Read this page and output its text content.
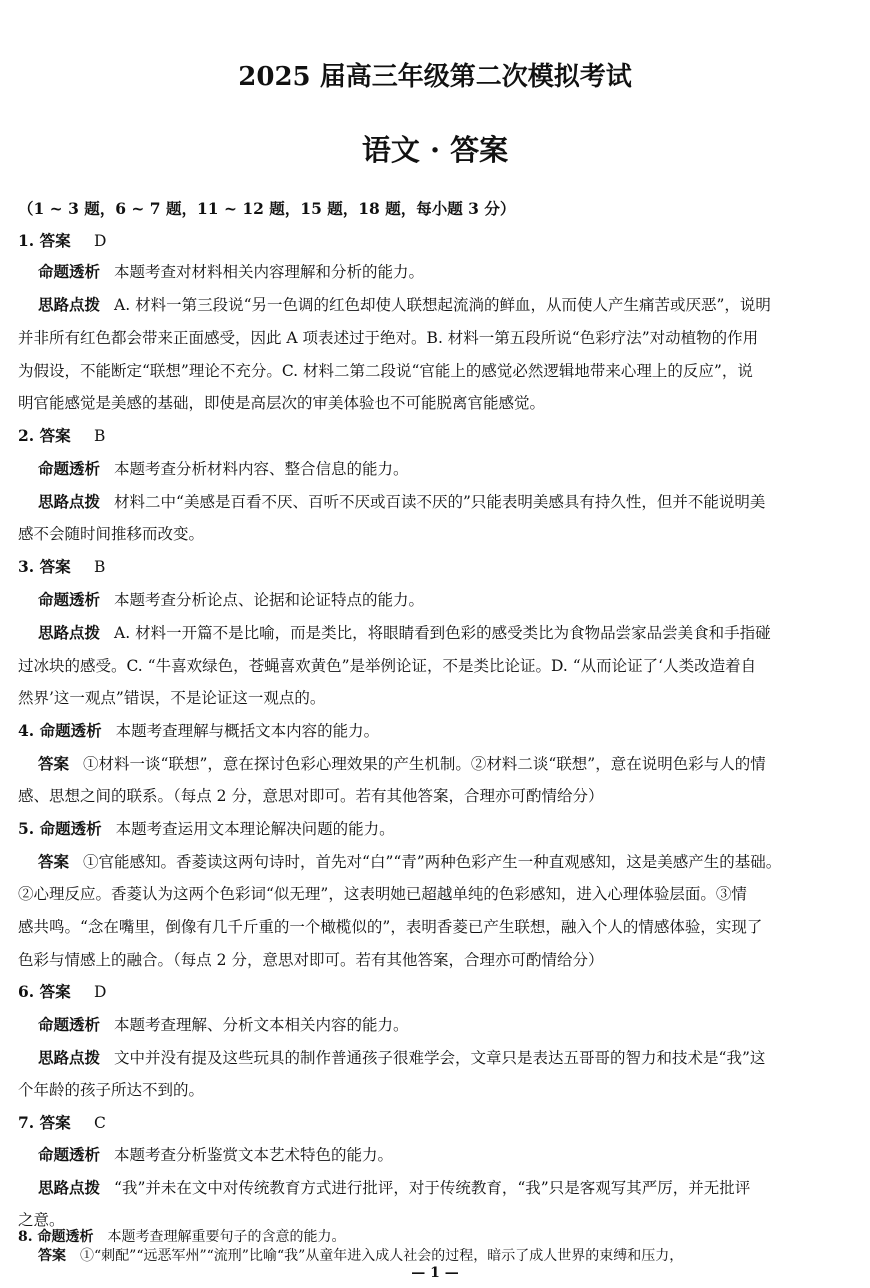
2025 届高三年级第二次模拟考试
语文 · 答案
（1 ~ 3 题，6 ~ 7 题，11 ~ 12 题，15 题，18 题，每小题 3 分）
1. 答案 D
命题透析 本题考查对材料相关内容理解和分析的能力。
思路点拨 A. 材料一第三段说“另一色调的红色却使人联想起流淌的鲜血，从而使人产生痛苦或厌恶”，说明
并非所有红色都会带来正面感受，因此 A 项表述过于绝对。B. 材料一第五段所说“色彩疗法”对动植物的作用
为假设，不能断定“联想”理论不充分。C. 材料二第二段说“官能上的感觉必然逻辑地带来心理上的反应”，说
明官能感觉是美感的基础，即使是高层次的审美体验也不可能脱离官能感觉。
2. 答案 B
命题透析 本题考查分析材料内容、整合信息的能力。
思路点拨 材料二中“美感是百看不厌、百听不厌或百读不厌的”只能表明美感具有持久性，但并不能说明美
感不会随时间推移而改变。
3. 答案 B
命题透析 本题考查分析论点、论据和论证特点的能力。
思路点拨 A. 材料一开篇不是比喻，而是类比，将眼睛看到色彩的感受类比为食物品尝家品尝美食和手指碰
过冰块的感受。C. “牛喜欢绿色，苍蝇喜欢黄色”是举例论证，不是类比论证。D. “从而论证了‘人类改造着自
然界’这一观点”错误，不是论证这一观点的。
4. 命题透析 本题考查理解与概括文本内容的能力。
答案 ①材料一谈“联想”，意在探讨色彩心理效果的产生机制。②材料二谈“联想”，意在说明色彩与人的情
感、思想之间的联系。（每点 2 分，意思对即可。若有其他答案，合理亦可酌情给分）
5. 命题透析 本题考查运用文本理论解决问题的能力。
答案 ①官能感知。香菱读这两句诗时，首先对“白”“青”两种色彩产生一种直观感知，这是美感产生的基础。
②心理反应。香菱认为这两个色彩词“似无理”，这表明她已超越单纯的色彩感知，进入心理体验层面。③情
感共鸣。“念在嘴里，倒像有几千斤重的一个橄榄似的”，表明香菱已产生联想，融入个人的情感体验，实现了
色彩与情感上的融合。（每点 2 分，意思对即可。若有其他答案，合理亦可酌情给分）
6. 答案 D
命题透析 本题考查理解、分析文本相关内容的能力。
思路点拨 文中并没有提及这些玩具的制作普通孩子很难学会，文章只是表达五哥哥的智力和技术是“我”这
个年龄的孩子所达不到的。
7. 答案 C
命题透析 本题考查分析鉴赏文本艺术特色的能力。
思路点拨 “我”并未在文中对传统教育方式进行批评，对于传统教育，“我”只是客观写其严厉，并无批评
之意。
8. 命题透析 本题考查理解重要句子的含意的能力。
— 1 —
答案 ①“刺配”“远恶军州”“流刑”比喻“我”从童年进入成人社会的过程，暗示了成人世界的束缚和压力，
